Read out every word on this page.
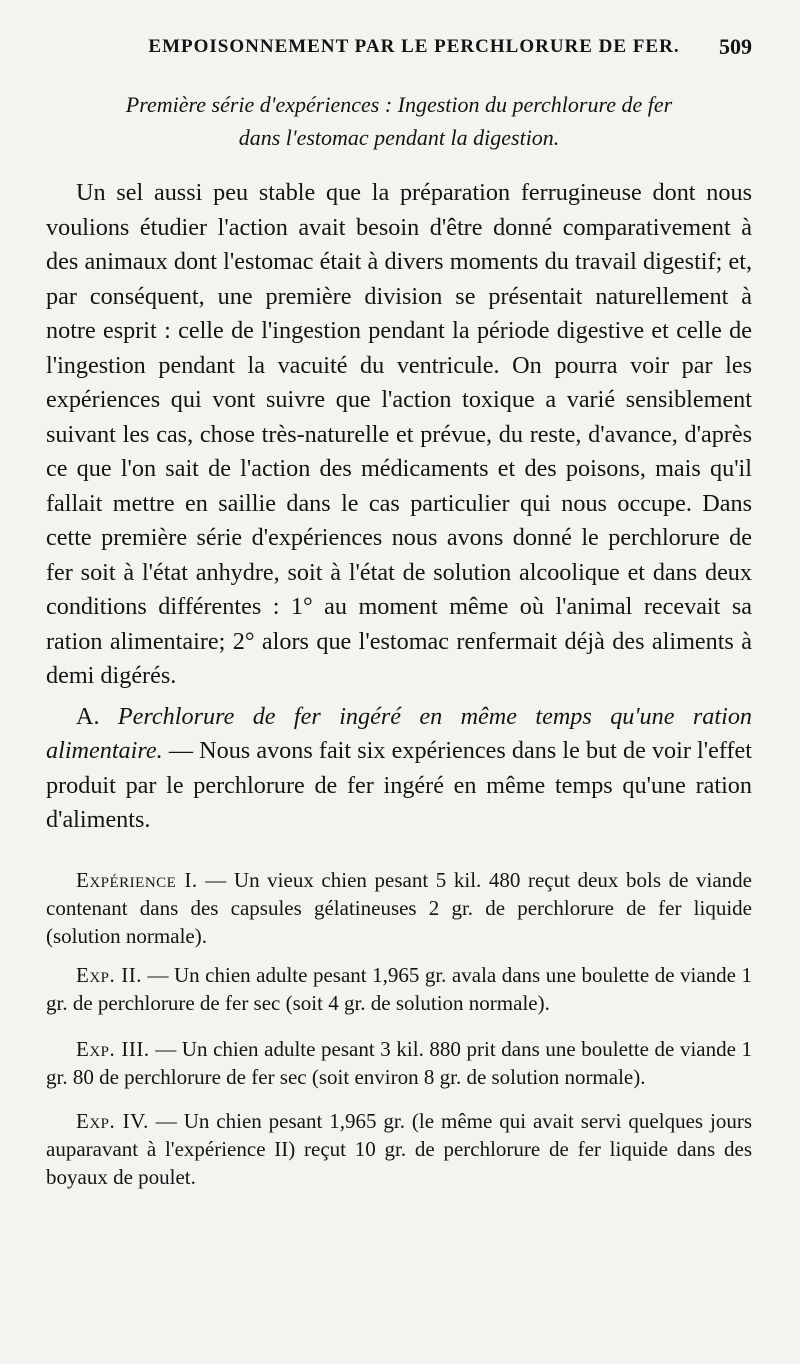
EMPOISONNEMENT PAR LE PERCHLORURE DE FER. 509
Première série d'expériences : Ingestion du perchlorure de fer
dans l'estomac pendant la digestion.

Un sel aussi peu stable que la préparation ferrugineuse dont nous voulions étudier l'action avait besoin d'être donné comparativement à des animaux dont l'estomac était à divers moments du travail digestif; et, par conséquent, une première division se présentait naturellement à notre esprit : celle de l'ingestion pendant la période digestive et celle de l'ingestion pendant la vacuité du ventricule. On pourra voir par les expériences qui vont suivre que l'action toxique a varié sensiblement suivant les cas, chose très-naturelle et prévue, du reste, d'avance, d'après ce que l'on sait de l'action des médicaments et des poisons, mais qu'il fallait mettre en saillie dans le cas particulier qui nous occupe. Dans cette première série d'expériences nous avons donné le perchlorure de fer soit à l'état anhydre, soit à l'état de solution alcoolique et dans deux conditions différentes : 1° au moment même où l'animal recevait sa ration alimentaire; 2° alors que l'estomac renfermait déjà des aliments à demi digérés.

A. Perchlorure de fer ingéré en même temps qu'une ration alimentaire. — Nous avons fait six expériences dans le but de voir l'effet produit par le perchlorure de fer ingéré en même temps qu'une ration d'aliments.

Expérience I. — Un vieux chien pesant 5 kil. 480 reçut deux bols de viande contenant dans des capsules gélatineuses 2 gr. de perchlorure de fer liquide (solution normale).

Exp. II. — Un chien adulte pesant 1,965 gr. avala dans une boulette de viande 1 gr. de perchlorure de fer sec (soit 4 gr. de solution normale).

Exp. III. — Un chien adulte pesant 3 kil. 880 prit dans une boulette de viande 1 gr. 80 de perchlorure de fer sec (soit environ 8 gr. de solution normale).

Exp. IV. — Un chien pesant 1,965 gr. (le même qui avait servi quelques jours auparavant à l'expérience II) reçut 10 gr. de perchlorure de fer liquide dans des boyaux de poulet.
